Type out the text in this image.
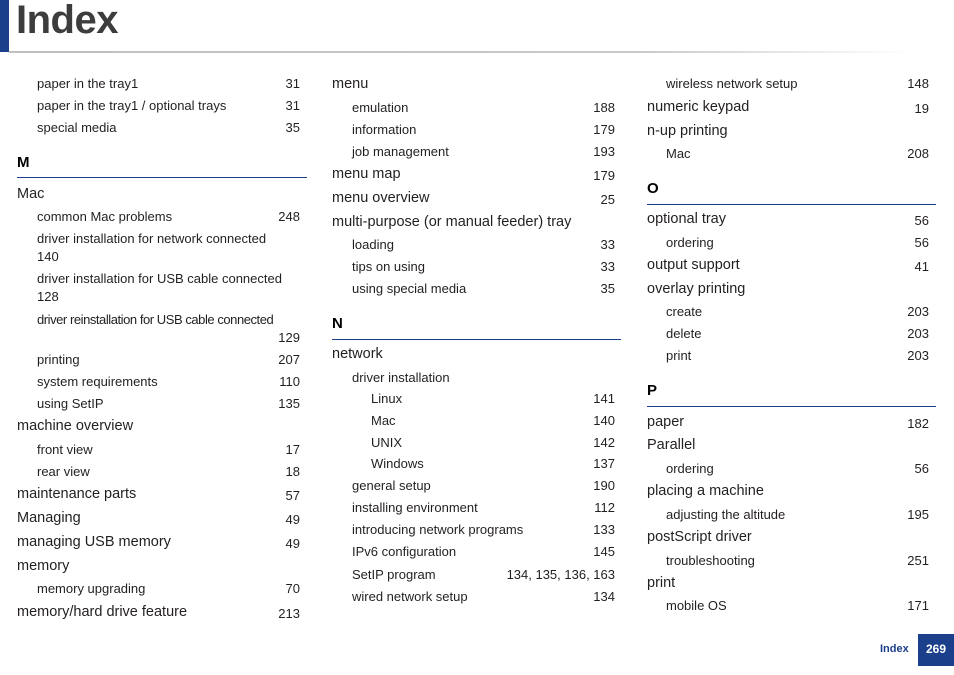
Index
paper in the tray1	31
paper in the tray1 / optional trays	31
special media	35
M
Mac
common Mac problems	248
driver installation for network connected
140
driver installation for USB cable connected
128
driver reinstallation for USB cable connected
129
printing	207
system requirements	110
using SetIP	135
machine overview
front view	17
rear view	18
maintenance parts	57
Managing	49
managing USB memory	49
memory
memory upgrading	70
memory/hard drive feature	213
menu
emulation	188
information	179
job management	193
menu map	179
menu overview	25
multi-purpose (or manual feeder) tray
loading	33
tips on using	33
using special media	35
N
network
driver installation
Linux	141
Mac	140
UNIX	142
Windows	137
general setup	190
installing environment	112
introducing network programs	133
IPv6 configuration	145
SetIP program	134, 135, 136, 163
wired network setup	134
wireless network setup	148
numeric keypad	19
n-up printing
Mac	208
O
optional tray	56
ordering	56
output support	41
overlay printing
create	203
delete	203
print	203
P
paper	182
Parallel
ordering	56
placing a machine
adjusting the altitude	195
postScript driver
troubleshooting	251
print
mobile OS	171
Index	269
